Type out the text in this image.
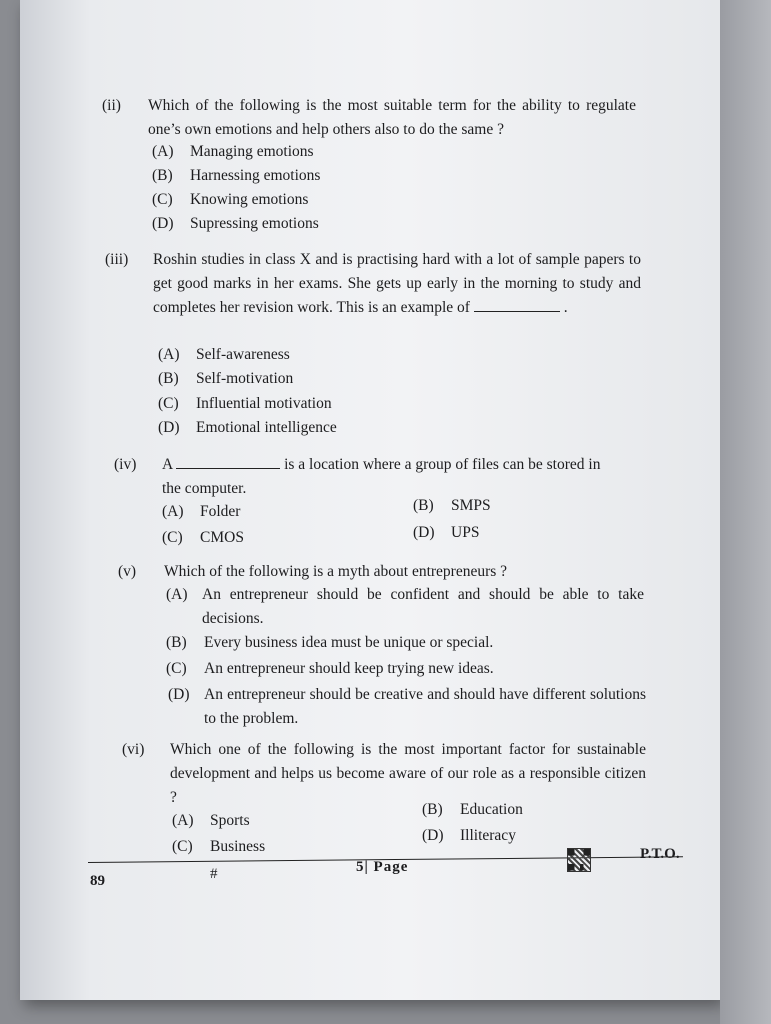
(ii) Which of the following is the most suitable term for the ability to regulate one’s own emotions and help others also to do the same ?
(A) Managing emotions
(B) Harnessing emotions
(C) Knowing emotions
(D) Supressing emotions
(iii) Roshin studies in class X and is practising hard with a lot of sample papers to get good marks in her exams. She gets up early in the morning to study and completes her revision work. This is an example of	.
(A) Self-awareness
(B) Self-motivation
(C) Influential motivation
(D) Emotional intelligence
(iv) A	is a location where a group of files can be stored in
the computer.
(A) Folder	(B) SMPS
(C) CMOS	(D) UPS
(v) Which of the following is a myth about entrepreneurs ?
(A) An entrepreneur should be confident and should be able to take decisions.
(B) Every business idea must be unique or special.
(C) An entrepreneur should keep trying new ideas.
(D) An entrepreneur should be creative and should have different solutions to the problem.
(vi) Which one of the following is the most important factor for sustainable development and helps us become aware of our role as a responsible citizen ?
(A) Sports
(B) Education
(C) Business
(D) Illiteracy
89	#	5| Page
P.T.O.
